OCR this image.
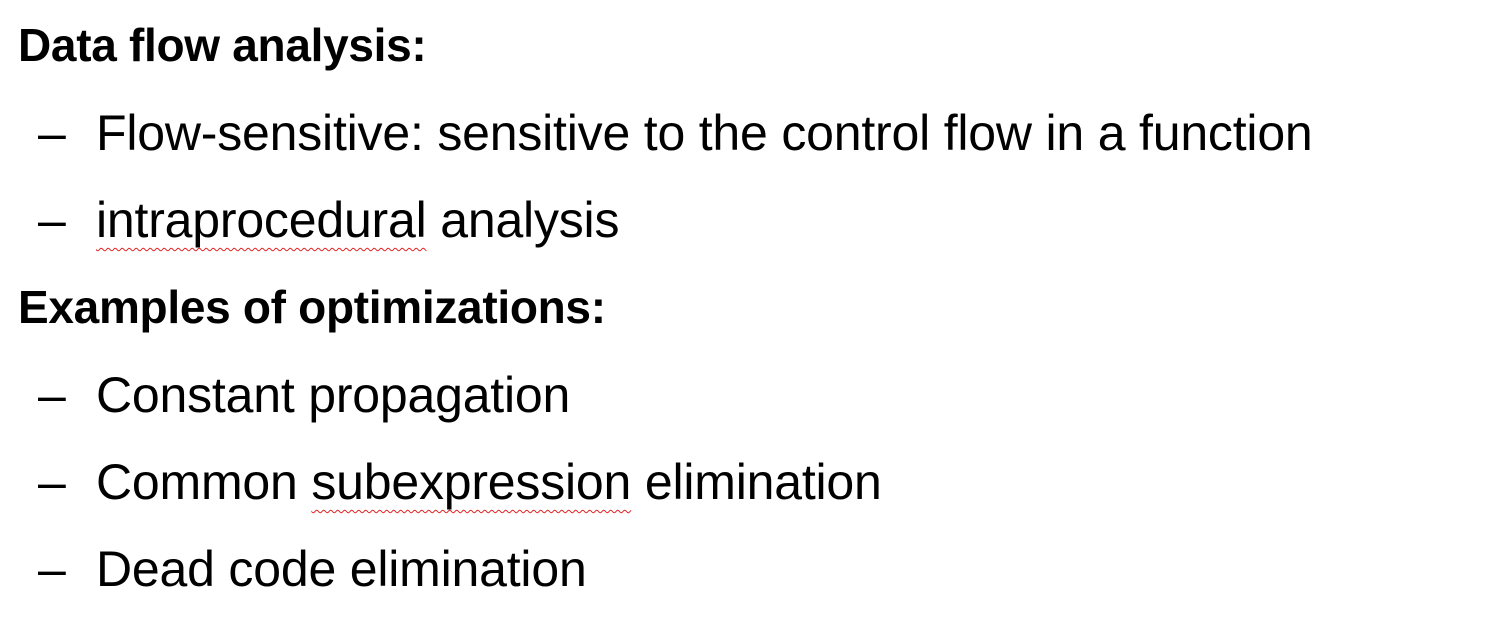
Data flow analysis:
– Flow-sensitive: sensitive to the control flow in a function
– intraprocedural analysis
Examples of optimizations:
– Constant propagation
– Common subexpression elimination
– Dead code elimination
